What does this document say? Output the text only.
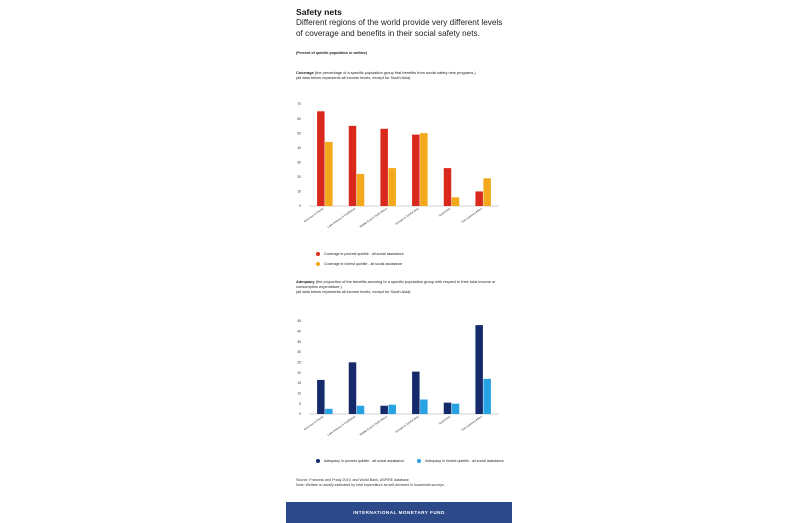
Safety nets
Different regions of the world provide very different levels of coverage and benefits in their social safety nets.
(Percent of quintile population or welfare)
Coverage (the percentage of a specific population group that benefits from social safety nets programs.)
(all data below represents all income levels, except for South Asia)
0
10
20
30
40
50
60
70
East Asia & Pacific Latin America & Caribbean Middle East & North Africa Europe & Central Asia	South Asia	Sub-Saharan Africa
Coverage in poorest quintile - all social assistance
Coverage in richest quintile - all social assistance
Adequacy (the proportion of the benefits accruing to a specific population group with respect to their total income or consumption expenditure.)
(all data below represents all income levels, except for South Asia)
0
5
10
15
20
25
30
35
40
45
East Asia & Pacific Latin America & Caribbean Middle East & North Africa Europe & Central Asia	South Asia	Sub-Saharan Africa
Adequacy in poorest quintile - all social assistance
	Adequacy in richest quintile - all social assistance
Source: Francesc and Prady 2019, and World Bank, ASPIRE database.
Note: Welfare is usually estimated by total expenditure as self-declared in household surveys.
INTERNATIONAL MONETARY FUND
